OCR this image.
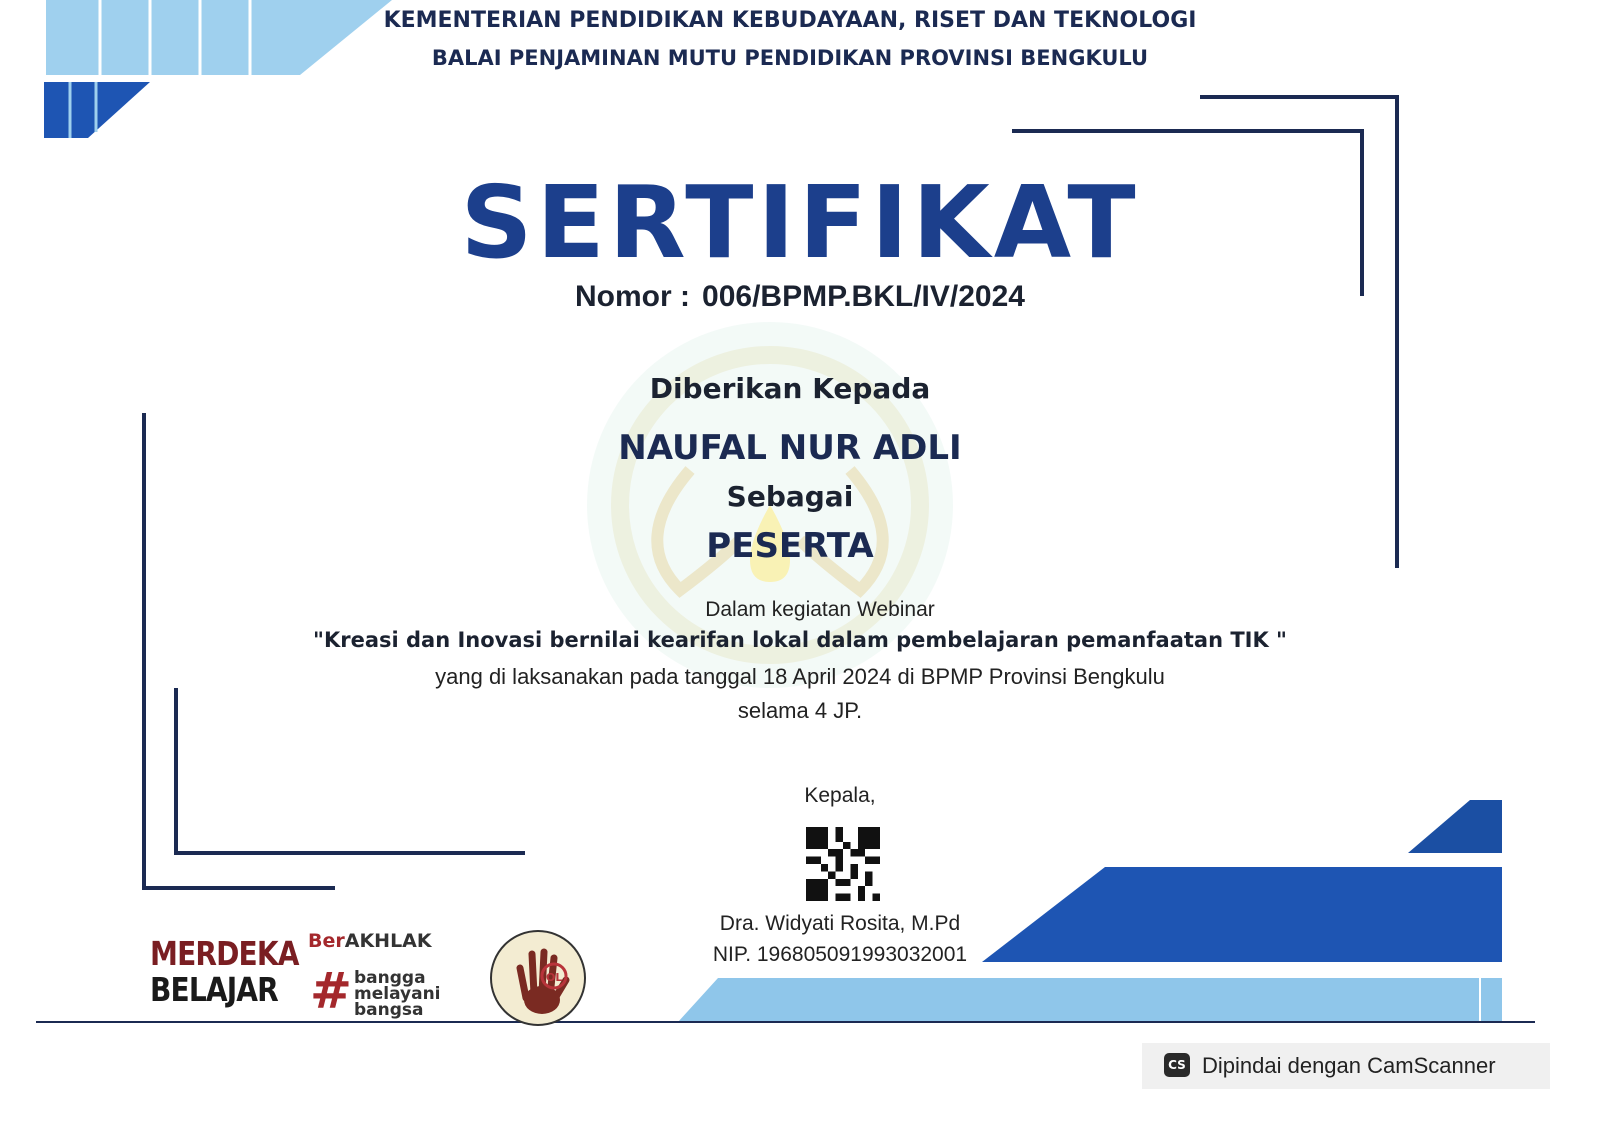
KEMENTERIAN PENDIDIKAN KEBUDAYAAN, RISET DAN TEKNOLOGI
BALAI PENJAMINAN MUTU PENDIDIKAN PROVINSI BENGKULU
SERTIFIKAT
Nomor : 006/BPMP.BKL/IV/2024
Diberikan Kepada
NAUFAL NUR ADLI
Sebagai
PESERTA
Dalam kegiatan Webinar
"Kreasi dan Inovasi bernilai kearifan lokal dalam pembelajaran pemanfaatan TIK "
yang di laksanakan pada tanggal 18 April 2024 di BPMP Provinsi Bengkulu
selama 4 JP.
Kepala,
Dra. Widyati Rosita, M.Pd
NIP. 196805091993032001
MERDEKA
BELAJAR
BerAKHLAK
# bangga
melayani
bangsa
OL
CS Dipindai dengan CamScanner
